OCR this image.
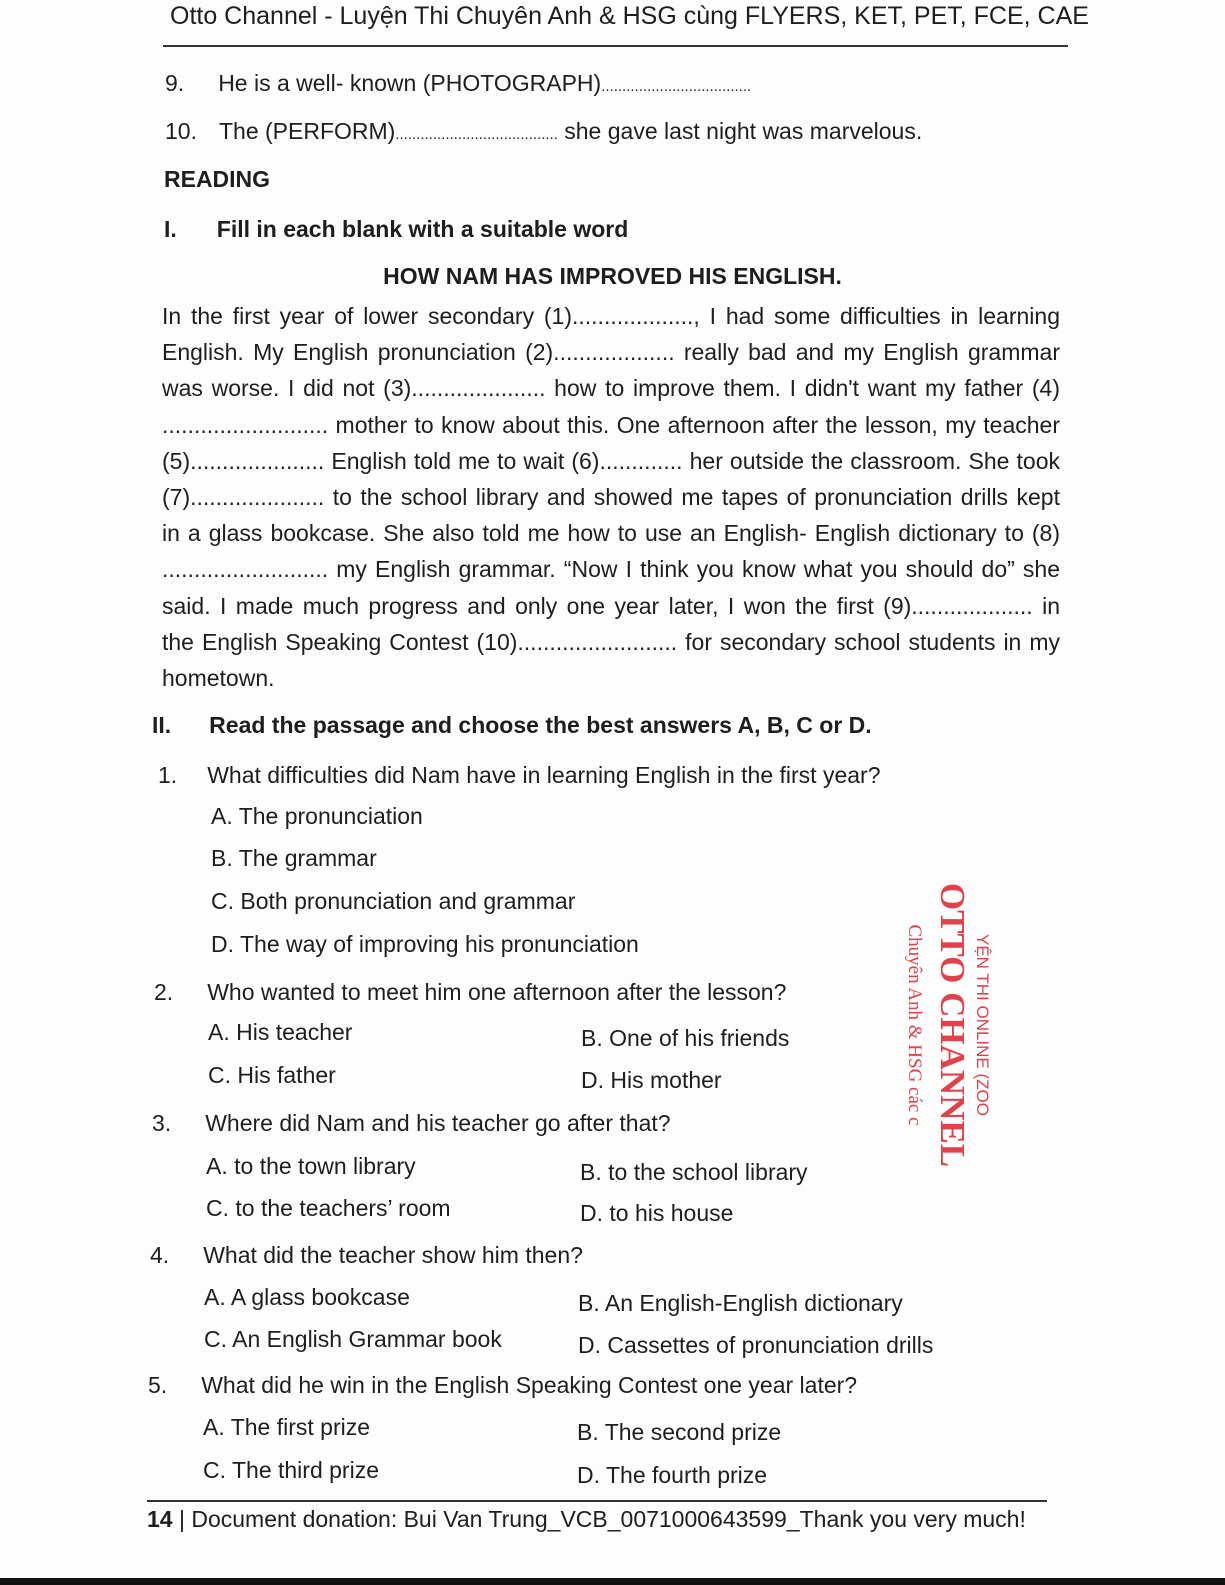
Otto Channel - Luyện Thi Chuyên Anh & HSG cùng FLYERS, KET, PET, FCE, CAE
9. He is a well- known (PHOTOGRAPH)....................................
10. The (PERFORM)....................................... she gave last night was marvelous.
READING
I. Fill in each blank with a suitable word
HOW NAM HAS IMPROVED HIS ENGLISH.
In the first year of lower secondary (1)..................., I had some difficulties in learning
English. My English pronunciation (2)................... really bad and my English grammar
was worse. I did not (3)..................... how to improve them. I didn't want my father (4)
.......................... mother to know about this. One afternoon after the lesson, my teacher
(5)..................... English told me to wait (6)............. her outside the classroom. She took
(7)..................... to the school library and showed me tapes of pronunciation drills kept
in a glass bookcase. She also told me how to use an English- English dictionary to (8)
.......................... my English grammar. “Now I think you know what you should do” she
said. I made much progress and only one year later, I won the first (9)................... in
the English Speaking Contest (10)......................... for secondary school students in my
hometown.
II. Read the passage and choose the best answers A, B, C or D.
1. What difficulties did Nam have in learning English in the first year?
A. The pronunciation
B. The grammar
C. Both pronunciation and grammar
D. The way of improving his pronunciation
2. Who wanted to meet him one afternoon after the lesson?
A. His teacher	B. One of his friends
C. His father	D. His mother
3. Where did Nam and his teacher go after that?
A. to the town library	B. to the school library
C. to the teachers’ room	D. to his house
4. What did the teacher show him then?
A. A glass bookcase	B. An English-English dictionary
C. An English Grammar book	D. Cassettes of pronunciation drills
5. What did he win in the English Speaking Contest one year later?
A. The first prize	B. The second prize
C. The third prize	D. The fourth prize
YỆN THI ONLINE (ZOO
OTTO CHANNEL
Chuyên Anh & HSG các c
14 | Document donation: Bui Van Trung_VCB_0071000643599_Thank you very much!
